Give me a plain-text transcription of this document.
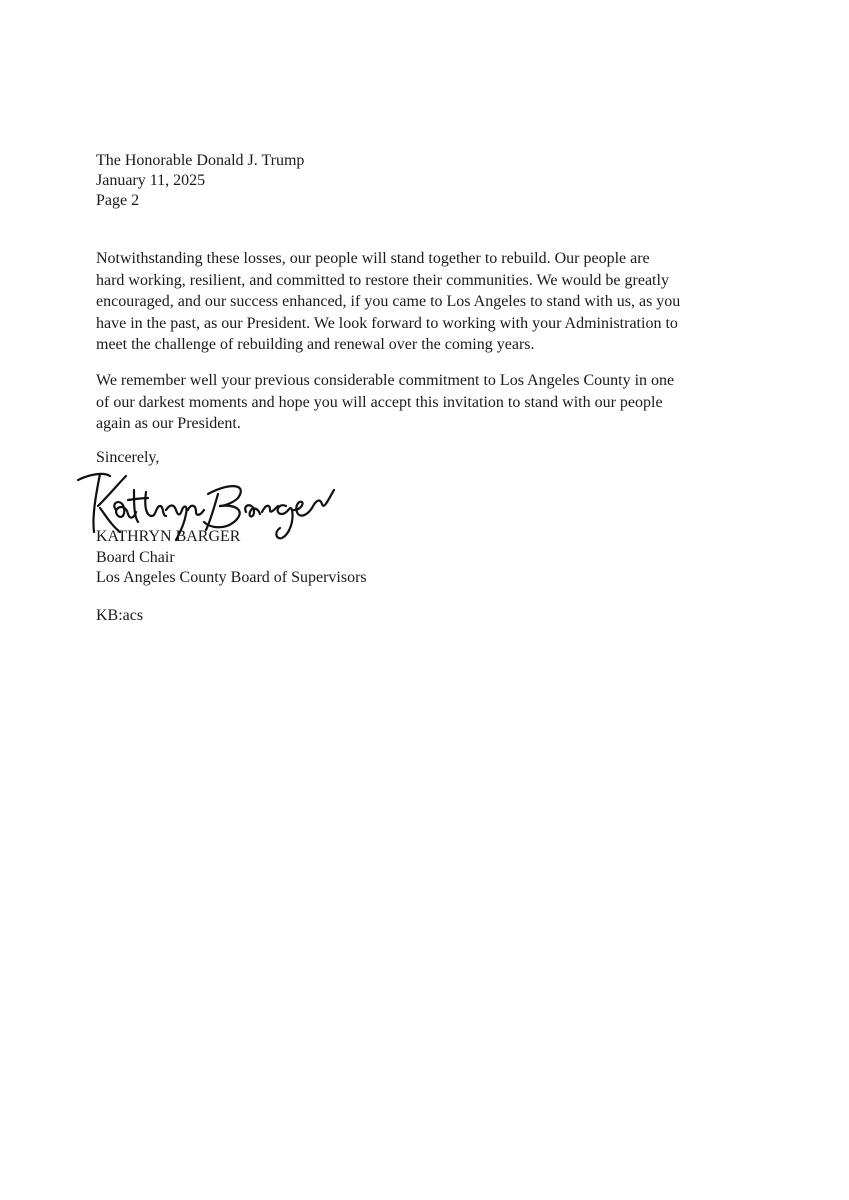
The Honorable Donald J. Trump
January 11, 2025
Page 2
Notwithstanding these losses, our people will stand together to rebuild. Our people are
hard working, resilient, and committed to restore their communities. We would be greatly
encouraged, and our success enhanced, if you came to Los Angeles to stand with us, as you
have in the past, as our President. We look forward to working with your Administration to
meet the challenge of rebuilding and renewal over the coming years.
We remember well your previous considerable commitment to Los Angeles County in one
of our darkest moments and hope you will accept this invitation to stand with our people
again as our President.
Sincerely,
KATHRYN BARGER
Board Chair
Los Angeles County Board of Supervisors
KB:acs
